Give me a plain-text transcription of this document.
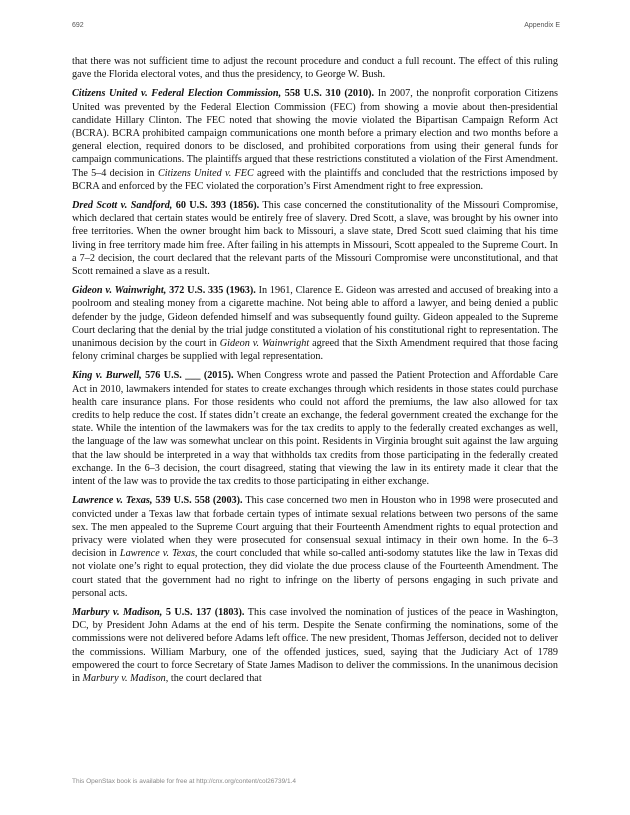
692	Appendix E

that there was not sufficient time to adjust the recount procedure and conduct a full recount. The effect of this ruling gave the Florida electoral votes, and thus the presidency, to George W. Bush.

Citizens United v. Federal Election Commission, 558 U.S. 310 (2010). In 2007, the nonprofit corporation Citizens United was prevented by the Federal Election Commission (FEC) from showing a movie about then-presidential candidate Hillary Clinton. The FEC noted that showing the movie violated the Bipartisan Campaign Reform Act (BCRA). BCRA prohibited campaign communications one month before a primary election and two months before a general election, required donors to be disclosed, and prohibited corporations from using their general funds for campaign communications. The plaintiffs argued that these restrictions constituted a violation of the First Amendment. The 5–4 decision in Citizens United v. FEC agreed with the plaintiffs and concluded that the restrictions imposed by BCRA and enforced by the FEC violated the corporation’s First Amendment right to free expression.

Dred Scott v. Sandford, 60 U.S. 393 (1856). This case concerned the constitutionality of the Missouri Compromise, which declared that certain states would be entirely free of slavery. Dred Scott, a slave, was brought by his owner into free territories. When the owner brought him back to Missouri, a slave state, Dred Scott sued claiming that his time living in free territory made him free. After failing in his attempts in Missouri, Scott appealed to the Supreme Court. In a 7–2 decision, the court declared that the relevant parts of the Missouri Compromise were unconstitutional, and that Scott remained a slave as a result.

Gideon v. Wainwright, 372 U.S. 335 (1963). In 1961, Clarence E. Gideon was arrested and accused of breaking into a poolroom and stealing money from a cigarette machine. Not being able to afford a lawyer, and being denied a public defender by the judge, Gideon defended himself and was subsequently found guilty. Gideon appealed to the Supreme Court declaring that the denial by the trial judge constituted a violation of his constitutional right to representation. The unanimous decision by the court in Gideon v. Wainwright agreed that the Sixth Amendment required that those facing felony criminal charges be supplied with legal representation.

King v. Burwell, 576 U.S. ___ (2015). When Congress wrote and passed the Patient Protection and Affordable Care Act in 2010, lawmakers intended for states to create exchanges through which residents in those states could purchase health care insurance plans. For those residents who could not afford the premiums, the law also allowed for tax credits to help reduce the cost. If states didn’t create an exchange, the federal government created the exchange for the state. While the intention of the lawmakers was for the tax credits to apply to the federally created exchanges as well, the language of the law was somewhat unclear on this point. Residents in Virginia brought suit against the law arguing that the law should be interpreted in a way that withholds tax credits from those participating in the federally created exchange. In the 6–3 decision, the court disagreed, stating that viewing the law in its entirety made it clear that the intent of the law was to provide the tax credits to those participating in either exchange.

Lawrence v. Texas, 539 U.S. 558 (2003). This case concerned two men in Houston who in 1998 were prosecuted and convicted under a Texas law that forbade certain types of intimate sexual relations between two persons of the same sex. The men appealed to the Supreme Court arguing that their Fourteenth Amendment rights to equal protection and privacy were violated when they were prosecuted for consensual sexual intimacy in their own home. In the 6–3 decision in Lawrence v. Texas, the court concluded that while so-called anti-sodomy statutes like the law in Texas did not violate one’s right to equal protection, they did violate the due process clause of the Fourteenth Amendment. The court stated that the government had no right to infringe on the liberty of persons engaging in such private and personal acts.

Marbury v. Madison, 5 U.S. 137 (1803). This case involved the nomination of justices of the peace in Washington, DC, by President John Adams at the end of his term. Despite the Senate confirming the nominations, some of the commissions were not delivered before Adams left office. The new president, Thomas Jefferson, decided not to deliver the commissions. William Marbury, one of the offended justices, sued, saying that the Judiciary Act of 1789 empowered the court to force Secretary of State James Madison to deliver the commissions. In the unanimous decision in Marbury v. Madison, the court declared that

This OpenStax book is available for free at http://cnx.org/content/col26739/1.4
